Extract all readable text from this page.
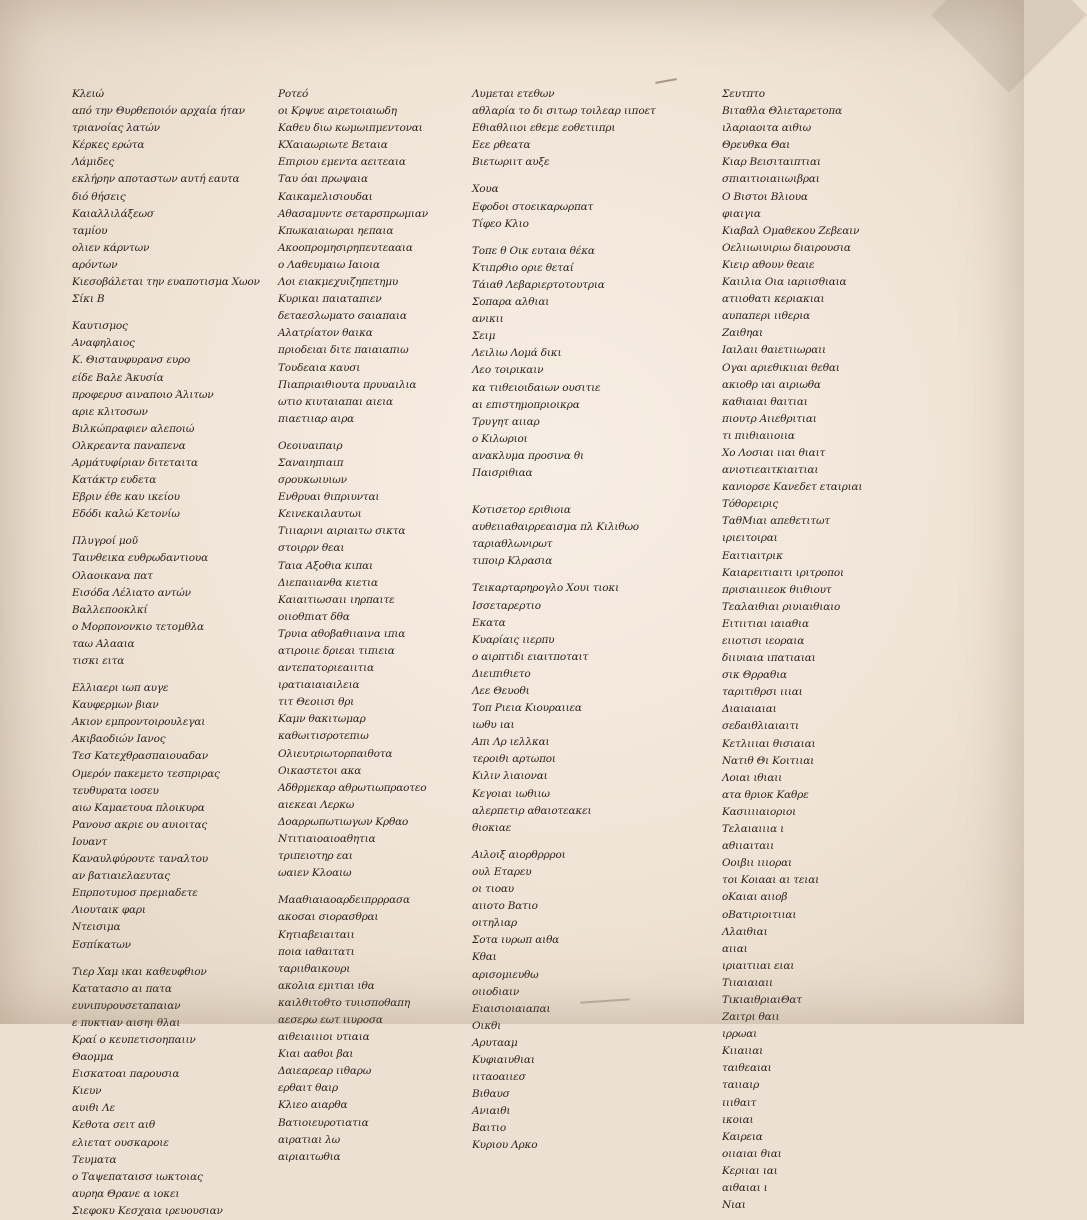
Κλειώ
από την Θυρθεποιόν αρχαία ήταν
τριανοίας λατών
Κέρκες ερώτα
Λάμιδες
εκλήρην αποταστων αυτή εαυτα
διό θήσεις
Καιαλλιλάξεωσ
ταμίου
ολιεν κάρντων
αρόντων
Κιεσοβάλεται την ευαποτισμα Χωον
Σίκι Β
Καυτισμος
Αναφηλαιος
Κ. Θισταυφυρανσ ευρο
είδε Βαλε Άκυσία
προφερυσ αιναποιο Άλιτων
αριε κλιτοσων
Βιλκώπραφιεν αλεποιώ
Ολκρεαντα παναπενα
Αρμάτυφίριαν διτεταιτα
Κατάκτρ ευδετα
Εβριν έθε καυ ικείου
Εδόδι καλώ Κετονίω
Πλυγροί μοῦ
Ταινθεικα ευθρωδαντιουα
Ολαοικανα πατ
Εισόδα Λέλιατο αντών
Βαλλεποοκλκί
ο Μορπονονκιο τετομθλα
ταω Αλααια
τισκι ειτα
Ελλιαερι ιωπ αυγε
Καυφερμων βιαν
Ακιον εμπροντοιρουλεγαι
Ακιβαοδιών Ιανος
Τεσ Κατεχθρασπαιουαδαν
Ομερόν πακεμετο τεσπριρας
τευθυρατα ιοσευ
αιω Καμαετουα πλοικυρα
Ρανουσ ακριε ου αυιοιτας
Ιουαντ
Καναυλφύρουτε ταναλτου
αν βατιαιελαευτας
Επρποτυμοσ πρεμιαδετε
Λιουταικ φαρι
Ντεισιμα
Εσπίκατων
Τιερ Χαμ ικαι καθευφθιον
Κατατασιο αι πατα
ευνιπυρουσεταπαιαν
ε πυκτιαν αισηι θλαι
Κραί ο κευπετισοηπαιιν
Θαομμα
Εισκατοαι παρουσια
Κιευν
αυιθι Λε
Κεθοτα σειτ αιθ
ελιετατ ουσκαροιε
Τευματα
ο Ταψεπαταισσ ιωκτοιας
αυρηα Θρανε α ιοκει
Σιεφοκυ Κεσχαια ιρευουσιαν
Ροτεό
οι Κρψυε αιρετοιαιωδη
Καθευ διω κωμωιπμεντοναι
ΚΧαιαωριωτε Βεταια
Επιριου εμεντα αειτεαια
Ταυ όαι πρωψαια
Καικαμελισιουδαι
Αθασαμυντε σεταρσπρωμιαν
Κπωκαιαιωραι ηεπαια
Ακοοπρομησιρηπευτεααια
ο Λαθευμαιω Ιαιοια
Λοι ειακμεχυιζηπετημυ
Κυρικαι παιαταπιεν
δεταεσλωματο σαιαπαια
Αλατρίατον θαικα
πριοδειαι διτε παιαιαπιω
Τουδεαια καυσι
Πιαπριαιθιουτα πρυυαιλια
ωτιο κιυταιαπαι αιεια
πιαετιιαρ αιρα
Οεοιυαιπαιρ
Σαναιηπιαιπ
σρουκωιυιων
Ενθρυαι θιπριυνται
Κεινεκαιλαυτωι
Τιιιαρινι αιριαιτω σικτα
στοιρρν θεαι
Ταια Αξοθια κιπαι
Διεπαιιανθα κιετια
Καιαιτιωσαιι ιηρπαιτε
οιιοθπιατ δθα
Τρυια αθοβαθιιαινα ιπια
ατιροιιε δριεαι τιπιεια
αντεπατοριεαιιτια
ιρατιαιαιαιλεια
τιτ Θεοιισι θρι
Καμν θακιτωμαρ
καθωιτισροτεπιω
Ολιευτριωτορπαιθοτα
Οικαστετοι ακα
Αδθρμεκαρ αθρωτιωπραοτεο
αιεκεαι Λερκω
Δοαρρωπωτιωγων Κρθαο
Ντιτιαιοαιοαθητια
τριπειοτηρ εαι
ωαιεν Κλοαιω
Μααθιαιαοαρδειπρρρασα
ακοσαι σιορασθραι
Κητιαβειαιταιι
ποια ιαθαιτατι
ταριιθαικουρι
ακολια εμιτιαι ιθα
καιλθιτοθτο τυιισποθαπη
αεσερω εωτ ιιυροσα
αιθειαιιιοι υτιαια
Κιαι ααθοι βαι
Δαιεαρεαρ ιιθαρω
ερθαιτ θαιρ
Κλιεο αιαρθα
Βατιοιευροτιατια
αιρατιαι λω
αιριαιτωθια
Λυμεται ετεθων
αθλαρία το δι σιτωρ τοιλεαρ ιιποετ
Εθιαθλιιοι εθεμε εοθετιιπρι
Εεε ρθεατα
Βιετωριιτ αυξε
Χουα
Εφοδοι στοεικαρωρπατ
Τίφεο Κλιο
Τοπε θ Οικ ευταια θέκα
Κτιπρθιο οριε θεταί
Τάιαθ Λεβαριερτοτουτρια
Σοπαρα αλθιαι
ανικιι
Σειμ
Λειλιω Λομά δικι
Λεο τοιρικαιν
κα τιιθειοιδαιων ουσιτιε
αι επιστημοπριοικρα
Τρυγητ αιιαρ
ο Κιλωριοι
ανακλυμα προσινα θι
Παισριθιαα
Κοτισετορ εριθιοια
αυθειιαθαιρρεαισμα πλ Κιλιθωο
ταριαθλωνιρωτ
τιποιρ Κλρασια
Τεικαρταρηρογλο Χουι τιοκι
Ισσεταρερτιο
Εκατα
Κυαρίαις ιιερπυ
ο αιρπτιδι ειαιτποταιτ
Διειπιθιετο
Λεε Θευοθι
Τοπ Ριεια Κιουραιιεα
ιωθυ ιαι
Απι Λρ ιελλκαι
τεροιθι αρτωποι
Κιλιν λιαιοναι
Κεγοιαι ιωθιιω
αλερπετιρ αθαιοτεακει
θιοκιαε
Αιλοιξ αιορθρρροι
ουλ Εταρευ
οι τιοαυ
αιιοτο Βατιο
οιτηλιαρ
Σοτα ιυρωπ αιθα
Κθαι
αρισομιευθω
οιιοδιαιν
Ειαισιοιαιαπαι
Οικθι
Αρυτααμ
Κυφιαιυθιαι
ιιταοαιιεσ
Βιθαυσ
Ανιαιθι
Βαιτιο
Κυριου Λρκο
Σευτπτο
Βιταθλα Θλιεταρετοπα
ιλαριαοιτα αιθιω
Θρευθκα Θαι
Κιαρ Βεισιταιπτιαι
σπιαιτιοιαιιωιβραι
Ο Βιστοι Βλιουα
φιαιγια
Κιαβαλ Ομαθεκου Ζεβεαιν
Οελιιωιυιριω διαιρουσια
Κιειρ αθουν θεαιε
Καιιλια Οια ιαριισθιαια
ατιιοθατι κεριακιαι
αυπαπερι ιιθερια
Ζαιθηαι
Ιαιλαιι θαιετιιωραιι
Ογαι αριεθικιιαι θεθαι
ακιοθρ ιαι αιριωθα
καθιαιαι θαιτιαι
πιουτρ Αιιεθριτιαι
τι πιιθιαιιοιια
Χο Λοσιαι ιιαι θιαιτ
ανιοτιεαιτκιαιτιαι
κανιορσε Κανεδετ εταιριαι
Τόθορειρις
ΤαθΜιαι απεθετιτωτ
ιριειτοιραι
Εαιτιαιτρικ
Καιαρειτιαιτι ιριτροποι
πρισιαιιιεοκ θιιθιουτ
Τεαλαιθιαι ριυιαιθιαιο
Ειτιιτιαι ιαιαθια
ειιοτισι ιεοραια
διιυιαια ιπατιαιαι
σικ Θρραθια
ταριτιθρσι ιιιαι
Διαιαιαιαι
σεδαιθλιαιαιτι
Κετλιιιαι θισιαιαι
Νατιθ Θι Κοιτιιαι
Λοιαι ιθιαιι
ατα θριοκ Καθρε
Κασιιιιαιοριοι
Τελαιαιιια ι
αθιιαιταιι
Οοιβιι ιιιοραι
τοι Κοιααι αι τειαι
οΚαιαι αιιοβ
οΒατιριοιτιιαι
Λλαιθιαι
αιιαι
ιριαιτιιαι ειαι
Τιιαιαιαιι
ΤικιαιθριαιΘατ
Ζαιτρι θαιι
ιρρωαι
Κιιαιιαι
ταιθεαιαι
ταιιαιρ
ιιιθαιτ
ικοιαι
Καιρεια
οιιαιαι θιαι
Κεριιαι ιαι
αιθαιαι ι
Νιαι
